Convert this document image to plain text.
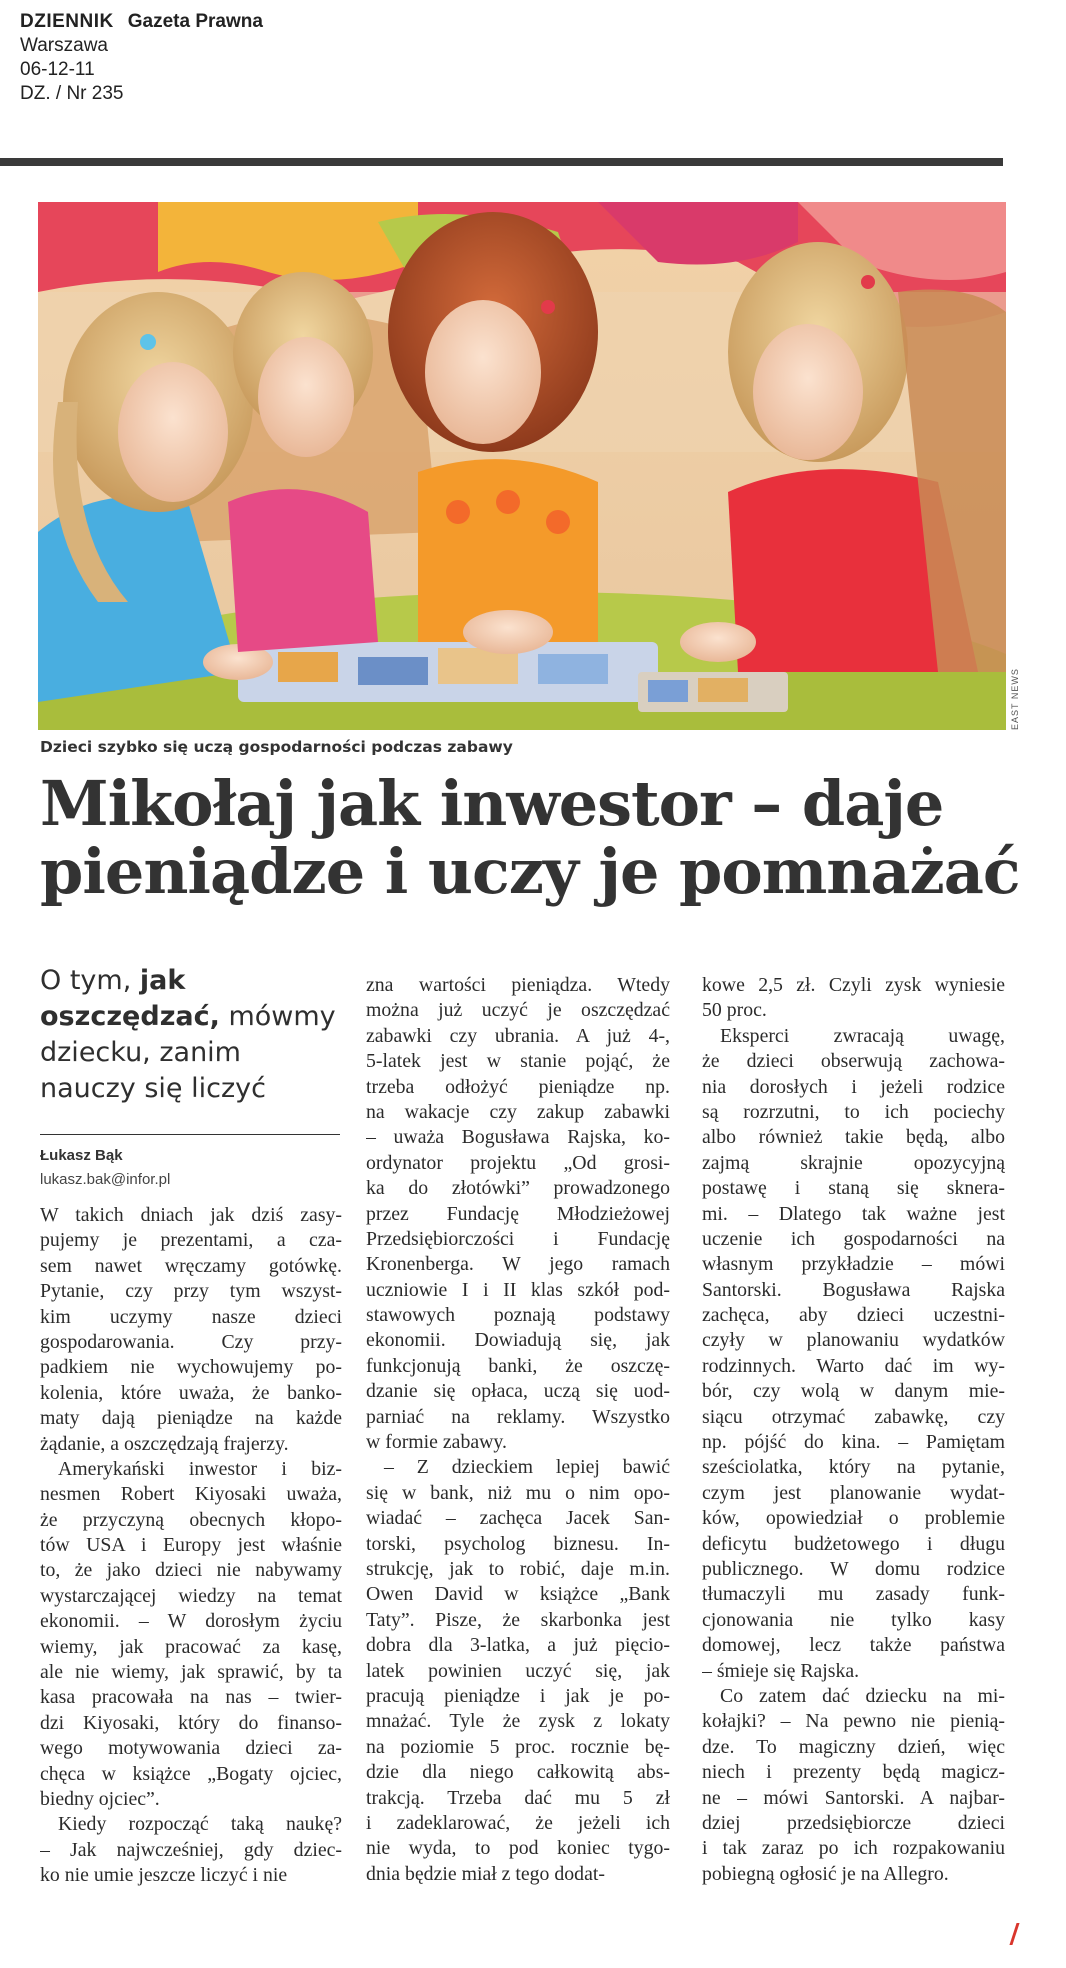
DZIENNIK Gazeta Prawna
Warszawa
06-12-11
DZ. / Nr 235
EAST NEWS
Dzieci szybko się uczą gospodarności podczas zabawy
Mikołaj jak inwestor – daje
pieniądze i uczy je pomnażać

O tym, jak oszczędzać, mówmy dziecku, zanim nauczy się liczyć

Łukasz Bąk
lukasz.bak@infor.pl
W takich dniach jak dziś zasy-
pujemy je prezentami, a cza-
sem nawet wręczamy gotówkę.
Pytanie, czy przy tym wszyst-
kim uczymy nasze dzieci
gospodarowania. Czy przy-
padkiem nie wychowujemy po-
kolenia, które uważa, że banko-
maty dają pieniądze na każde
żądanie, a oszczędzają frajerzy.
Amerykański inwestor i biz-
nesmen Robert Kiyosaki uważa,
że przyczyną obecnych kłopo-
tów USA i Europy jest właśnie
to, że jako dzieci nie nabywamy
wystarczającej wiedzy na temat
ekonomii. – W dorosłym życiu
wiemy, jak pracować za kasę,
ale nie wiemy, jak sprawić, by ta
kasa pracowała na nas – twier-
dzi Kiyosaki, który do finanso-
wego motywowania dzieci za-
chęca w książce „Bogaty ojciec,
biedny ojciec”.
Kiedy rozpocząć taką naukę?
– Jak najwcześniej, gdy dziec-
ko nie umie jeszcze liczyć i nie
zna wartości pieniądza. Wtedy
można już uczyć je oszczędzać
zabawki czy ubrania. A już 4-,
5-latek jest w stanie pojąć, że
trzeba odłożyć pieniądze np.
na wakacje czy zakup zabawki
– uważa Bogusława Rajska, ko-
ordynator projektu „Od grosi-
ka do złotówki” prowadzonego
przez Fundację Młodzieżowej
Przedsiębiorczości i Fundację
Kronenberga. W jego ramach
uczniowie I i II klas szkół pod-
stawowych poznają podstawy
ekonomii. Dowiadują się, jak
funkcjonują banki, że oszczę-
dzanie się opłaca, uczą się uod-
parniać na reklamy. Wszystko
w formie zabawy.
– Z dzieckiem lepiej bawić
się w bank, niż mu o nim opo-
wiadać – zachęca Jacek San-
torski, psycholog biznesu. In-
strukcję, jak to robić, daje m.in.
Owen David w książce „Bank
Taty”. Pisze, że skarbonka jest
dobra dla 3-latka, a już pięcio-
latek powinien uczyć się, jak
pracują pieniądze i jak je po-
mnażać. Tyle że zysk z lokaty
na poziomie 5 proc. rocznie bę-
dzie dla niego całkowitą abs-
trakcją. Trzeba dać mu 5 zł
i zadeklarować, że jeżeli ich
nie wyda, to pod koniec tygo-
dnia będzie miał z tego dodat-
kowe 2,5 zł. Czyli zysk wyniesie
50 proc.
Eksperci zwracają uwagę,
że dzieci obserwują zachowa-
nia dorosłych i jeżeli rodzice
są rozrzutni, to ich pociechy
albo również takie będą, albo
zajmą skrajnie opozycyjną
postawę i staną się sknera-
mi. – Dlatego tak ważne jest
uczenie ich gospodarności na
własnym przykładzie – mówi
Santorski. Bogusława Rajska
zachęca, aby dzieci uczestni-
czyły w planowaniu wydatków
rodzinnych. Warto dać im wy-
bór, czy wolą w danym mie-
siącu otrzymać zabawkę, czy
np. pójść do kina. – Pamiętam
sześciolatka, który na pytanie,
czym jest planowanie wydat-
ków, opowiedział o problemie
deficytu budżetowego i długu
publicznego. W domu rodzice
tłumaczyli mu zasady funk-
cjonowania nie tylko kasy
domowej, lecz także państwa
– śmieje się Rajska.
Co zatem dać dziecku na mi-
kołajki? – Na pewno nie pienią-
dze. To magiczny dzień, więc
niech i prezenty będą magicz-
ne – mówi Santorski. A najbar-
dziej przedsiębiorcze dzieci
i tak zaraz po ich rozpakowaniu
pobiegną ogłosić je na Allegro.
